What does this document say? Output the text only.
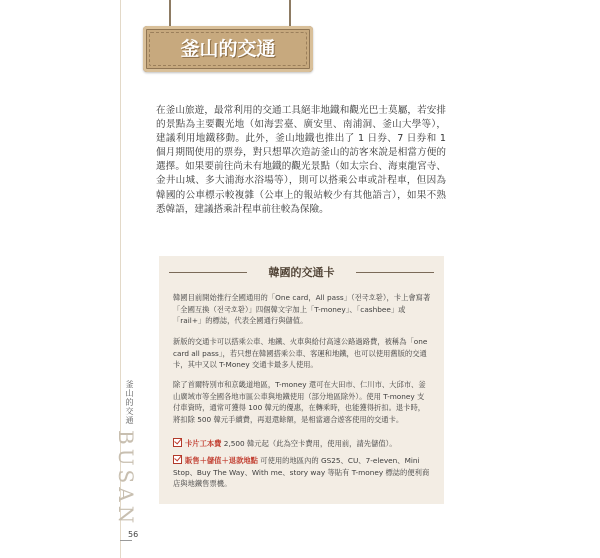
釜山的交通
BUSAN
56
釜山的交通
在釜山旅遊，最常利用的交通工具絕非地鐵和觀光巴士莫屬，若安排的景點為主要觀光地（如海雲臺、廣安里、南浦洞、釜山大學等），建議利用地鐵移動。此外，釜山地鐵也推出了 1 日券、7 日券和 1 個月期間使用的票券，對只想單次造訪釜山的訪客來說是相當方便的選擇。如果要前往尚未有地鐵的觀光景點（如太宗台、海東龍宮寺、金井山城、多大浦海水浴場等），則可以搭乘公車或計程車，但因為韓國的公車標示較複雜（公車上的報站較少有其他語言），如果不熟悉韓語，建議搭乘計程車前往較為保險。
韓國的交通卡
韓國目前開始推行全國通用的「One card，All pass」（전국호환），卡上會寫著「全國互換（전국호환）」四個韓文字加上「T-money」、「cashbee」或「rail+」的標誌，代表全國通行與儲值。
新版的交通卡可以搭乘公車、地鐵、火車與給付高速公路過路費，被稱為「one card all pass」，若只想在韓國搭乘公車、客運和地鐵，也可以使用舊版的交通卡，其中又以 T-Money 交通卡最多人使用。
除了首爾特別市和京畿道地區，T-money 還可在大田市、仁川市、大邱市、釜山廣域市等全國各地市區公車與地鐵使用（部分地區除外）。使用 T-money 支付車資時，通常可獲得 100 韓元的優惠，在轉乘時，也能獲得折扣。退卡時，將扣除 500 韓元手續費，再退還餘額，是相當適合遊客使用的交通卡。
卡片工本費 2,500 韓元起（此為空卡費用，使用前，請先儲值）。
販售＋儲值＋退款地點 可使用的地區內的 GS25、CU、7-eleven、Mini Stop、Buy The Way、With me、story way 等貼有 T-money 標誌的便利商店與地鐵售票機。
